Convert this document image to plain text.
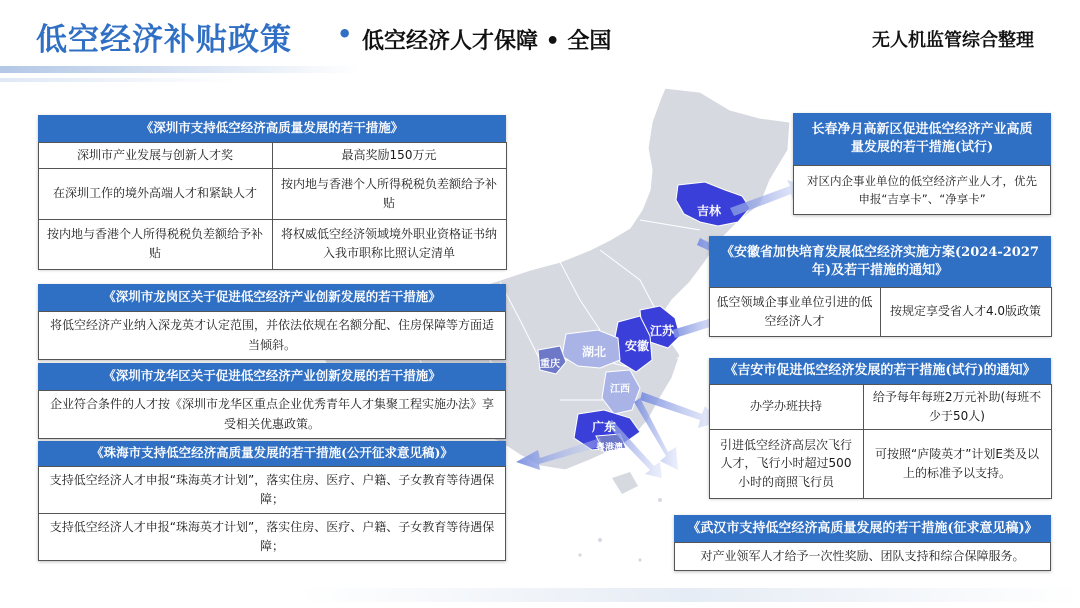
吉林
江苏
安徽
湖北
重庆
江西
广东
上海
粤港澳
低空经济补贴政策 • 低空经济人才保障 • 全国	无人机监管综合整理
《深圳市支持低空经济高质量发展的若干措施》
深圳市产业发展与创新人才奖	最高奖励150万元
在深圳工作的境外高端人才和紧缺人才
按内地与香港个人所得税税负差额给予补贴
按内地与香港个人所得税税负差额给予补贴
将权威低空经济领域境外职业资格证书纳入我市职称比照认定清单
《深圳市龙岗区关于促进低空经济产业创新发展的若干措施》
将低空经济产业纳入深龙英才认定范围，并依法依规在名额分配、住房保障等方面适当倾斜。
《深圳市龙华区关于促进低空经济产业创新发展的若干措施》
企业符合条件的人才按《深圳市龙华区重点企业优秀青年人才集聚工程实施办法》享受相关优惠政策。
《珠海市支持低空经济高质量发展的若干措施(公开征求意见稿)》
支持低空经济人才申报“珠海英才计划”，落实住房、医疗、户籍、子女教育等待遇保障；
支持低空经济人才申报“珠海英才计划”，落实住房、医疗、户籍、子女教育等待遇保障；
长春净月高新区促进低空经济产业高质量发展的若干措施(试行)
对区内企事业单位的低空经济产业人才，优先申报“吉享卡”、“净享卡”
《安徽省加快培育发展低空经济实施方案(2024-2027年)及若干措施的通知》
低空领域企事业单位引进的低空经济人才
按规定享受省人才4.0版政策
《吉安市促进低空经济发展的若干措施(试行)的通知》
办学办班扶持
给予每年每班2万元补助(每班不少于50人)
引进低空经济高层次飞行人才，飞行小时超过500小时的商照飞行员
可按照“庐陵英才”计划E类及以上的标准予以支持。
《武汉市支持低空经济高质量发展的若干措施(征求意见稿)》
对产业领军人才给予一次性奖励、团队支持和综合保障服务。
